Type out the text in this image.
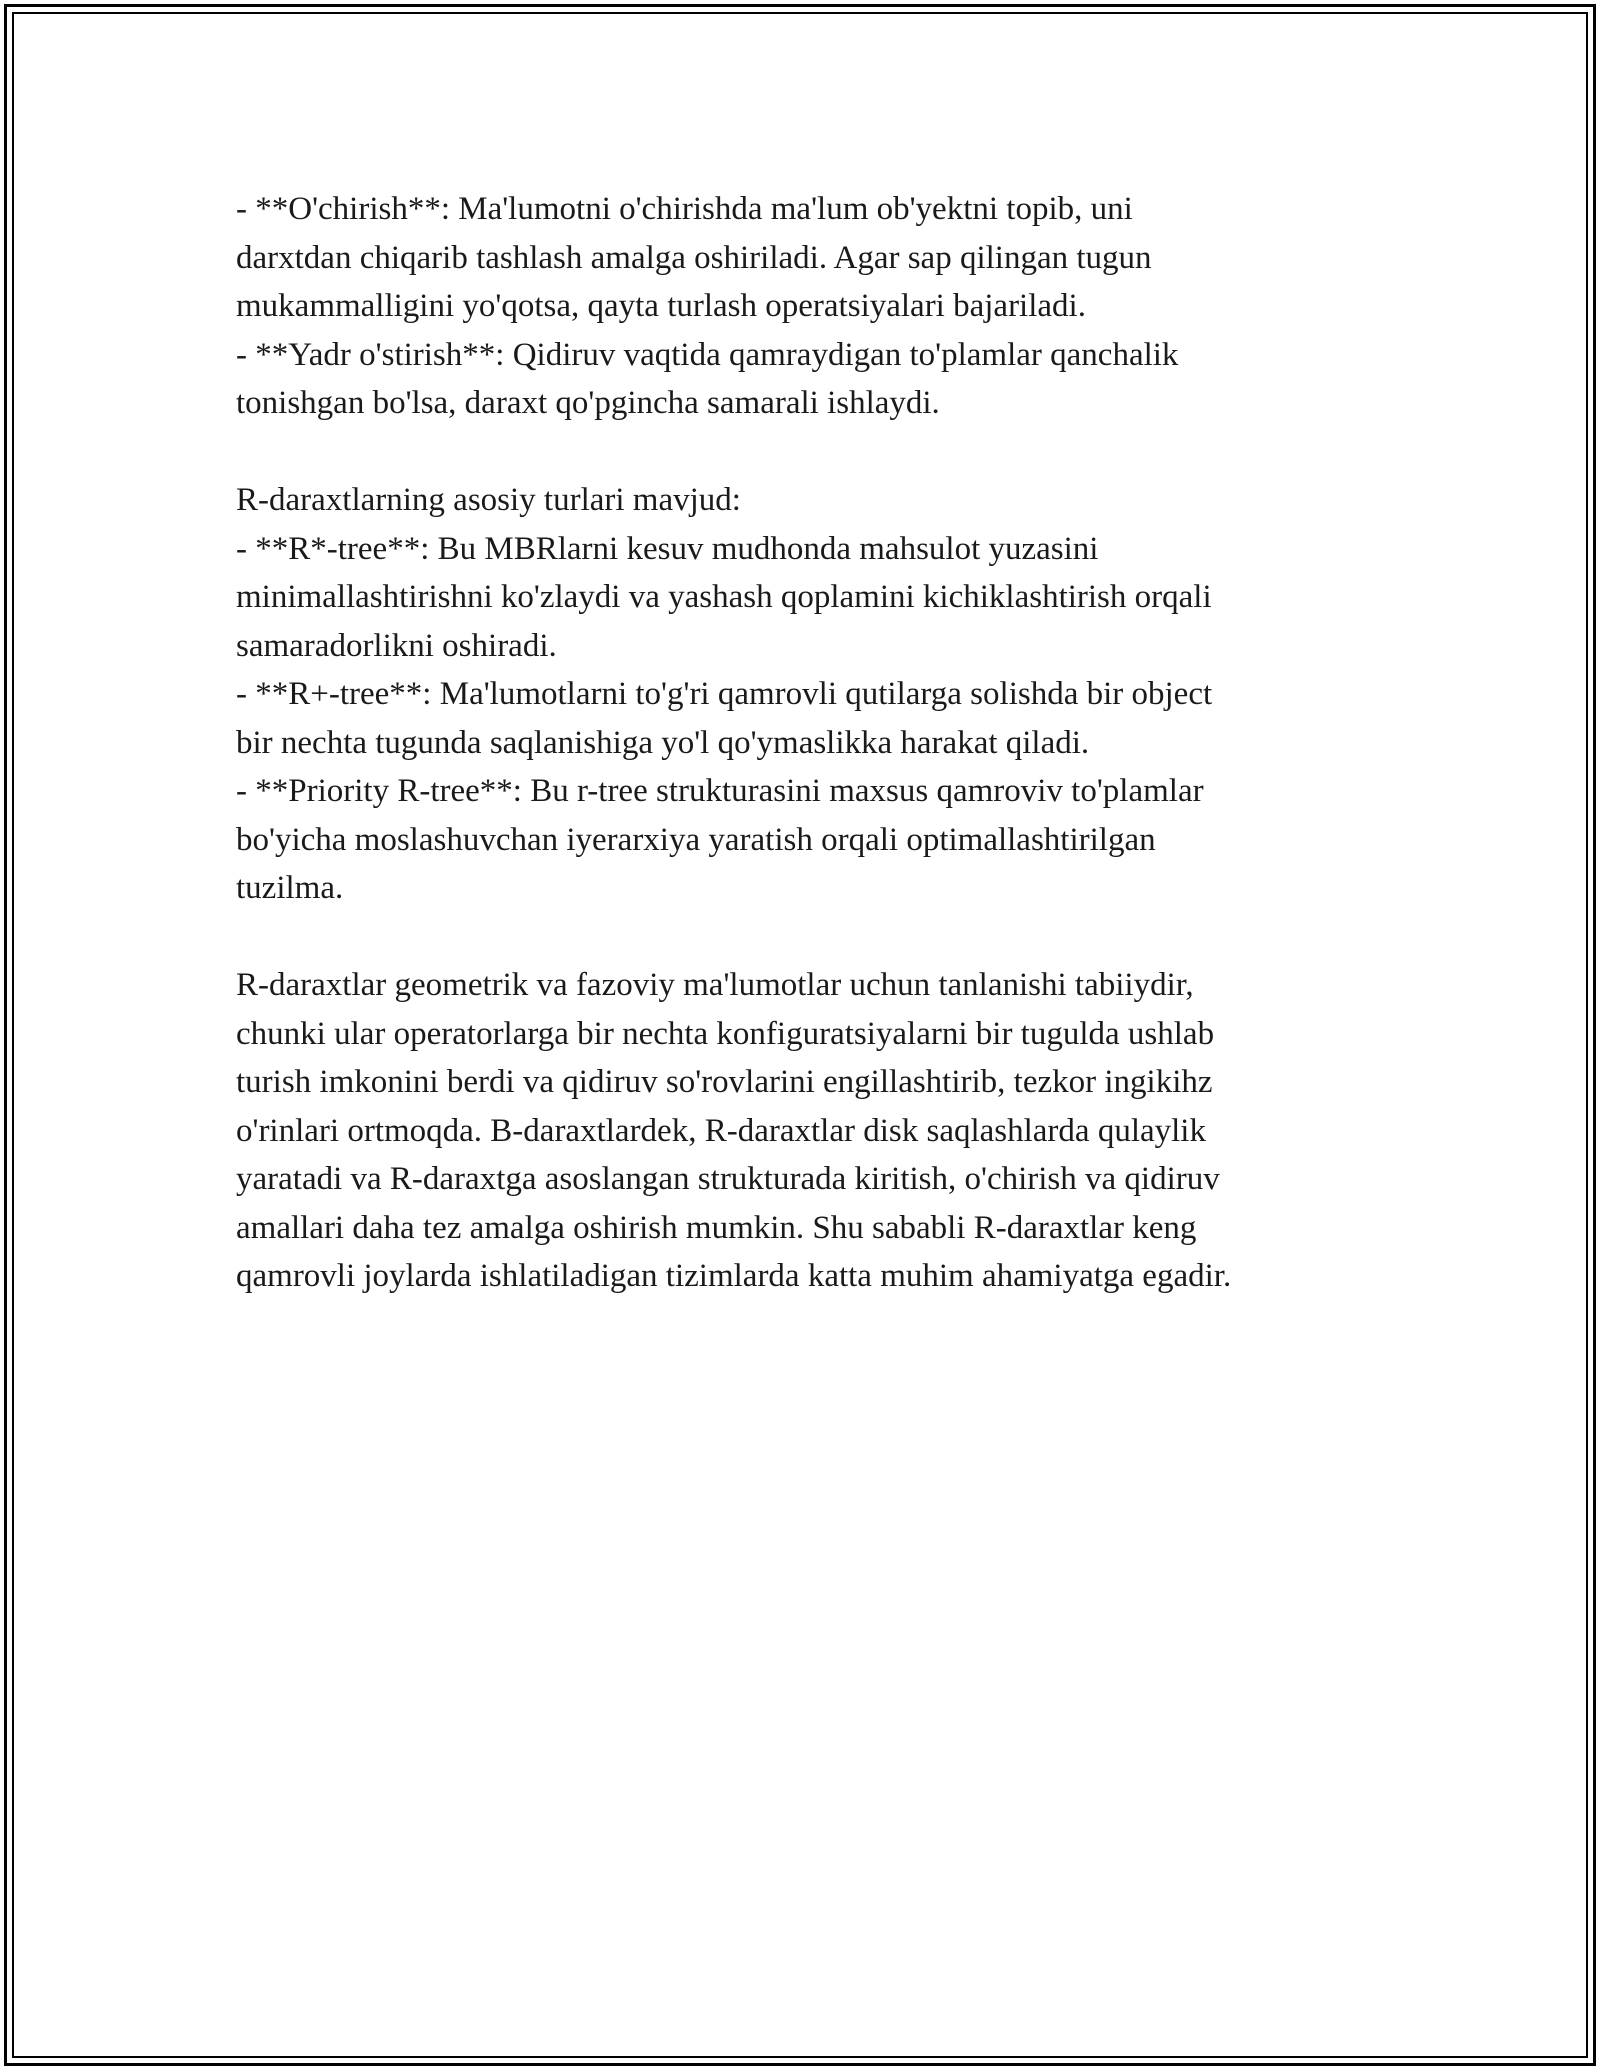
- **O'chirish**: Ma'lumotni o'chirishda ma'lum ob'yektni topib, uni
darxtdan chiqarib tashlash amalga oshiriladi. Agar sap qilingan tugun
mukammalligini yo'qotsa, qayta turlash operatsiyalari bajariladi.
- **Yadr o'stirish**: Qidiruv vaqtida qamraydigan to'plamlar qanchalik
tonishgan bo'lsa, daraxt qo'pgincha samarali ishlaydi.
R-daraxtlarning asosiy turlari mavjud:
- **R*-tree**: Bu MBRlarni kesuv mudhonda mahsulot yuzasini
minimallashtirishni ko'zlaydi va yashash qoplamini kichiklashtirish orqali
samaradorlikni oshiradi.
- **R+-tree**: Ma'lumotlarni to'g'ri qamrovli qutilarga solishda bir object
bir nechta tugunda saqlanishiga yo'l qo'ymaslikka harakat qiladi.
- **Priority R-tree**: Bu r-tree strukturasini maxsus qamroviv to'plamlar
bo'yicha moslashuvchan iyerarxiya yaratish orqali optimallashtirilgan
tuzilma.
R-daraxtlar geometrik va fazoviy ma'lumotlar uchun tanlanishi tabiiydir,
chunki ular operatorlarga bir nechta konfiguratsiyalarni bir tugulda ushlab
turish imkonini berdi va qidiruv so'rovlarini engillashtirib, tezkor ingikihz
o'rinlari ortmoqda. B-daraxtlardek, R-daraxtlar disk saqlashlarda qulaylik
yaratadi va R-daraxtga asoslangan strukturada kiritish, o'chirish va qidiruv
amallari daha tez amalga oshirish mumkin. Shu sababli R-daraxtlar keng
qamrovli joylarda ishlatiladigan tizimlarda katta muhim ahamiyatga egadir.
